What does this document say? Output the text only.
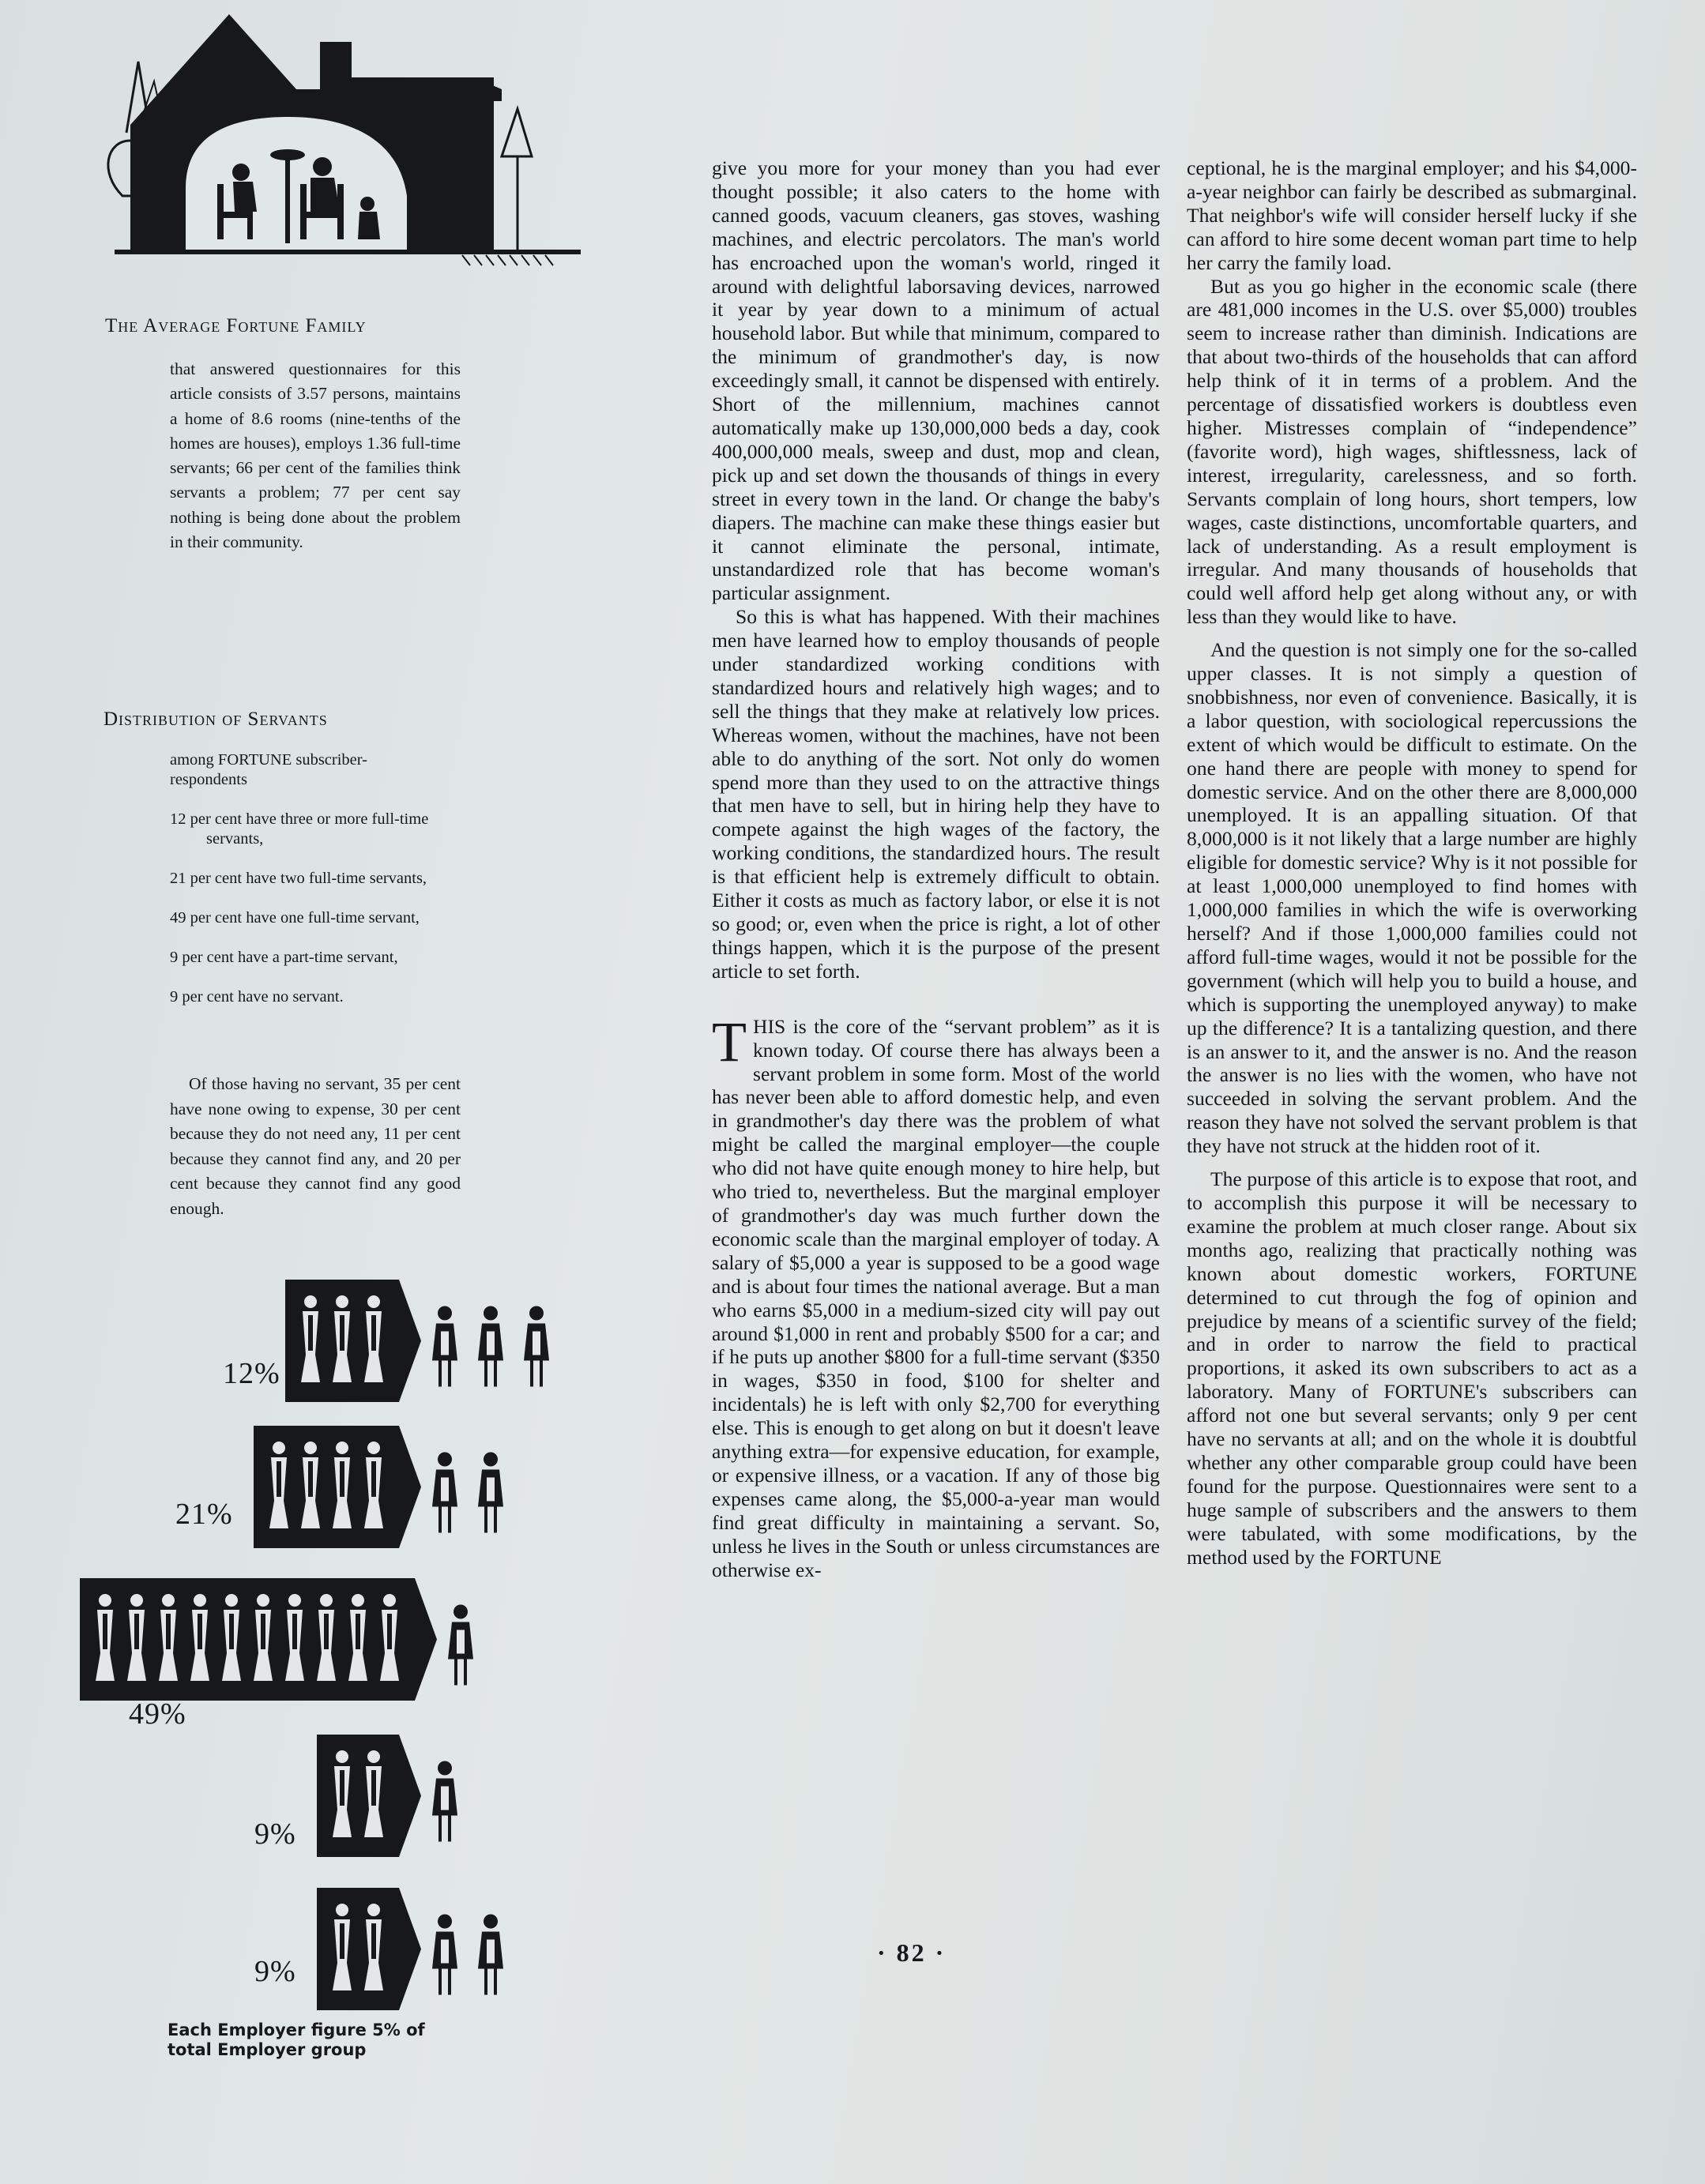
The Average Fortune Family
that answered questionnaires for this article consists of 3.57 persons, maintains a home of 8.6 rooms (nine-tenths of the homes are houses), employs 1.36 full-time servants; 66 per cent of the families think servants a problem; 77 per cent say nothing is being done about the problem in their community.
Distribution of Servants

among FORTUNE subscriber-respondents

12 per cent have three or more full-time servants,

21 per cent have two full-time servants,

49 per cent have one full-time servant,

9 per cent have a part-time servant,

9 per cent have no servant.

Of those having no servant, 35 per cent have none owing to expense, 30 per cent because they do not need any, 11 per cent because they cannot find any, and 20 per cent because they cannot find any good enough.
12%
21%
49%
9%
9%
Each Employer figure 5% of total Employer group

give you more for your money than you had ever thought possible; it also caters to the home with canned goods, vacuum cleaners, gas stoves, washing machines, and electric percolators. The man's world has encroached upon the woman's world, ringed it around with delightful laborsaving devices, narrowed it year by year down to a minimum of actual household labor. But while that minimum, compared to the minimum of grandmother's day, is now exceedingly small, it cannot be dispensed with entirely. Short of the millennium, machines cannot automatically make up 130,000,000 beds a day, cook 400,000,000 meals, sweep and dust, mop and clean, pick up and set down the thousands of things in every street in every town in the land. Or change the baby's diapers. The machine can make these things easier but it cannot eliminate the personal, intimate, unstandardized role that has become woman's particular assignment.

So this is what has happened. With their machines men have learned how to employ thousands of people under standardized working conditions with standardized hours and relatively high wages; and to sell the things that they make at relatively low prices. Whereas women, without the machines, have not been able to do anything of the sort. Not only do women spend more than they used to on the attractive things that men have to sell, but in hiring help they have to compete against the high wages of the factory, the working conditions, the standardized hours. The result is that efficient help is extremely difficult to obtain. Either it costs as much as factory labor, or else it is not so good; or, even when the price is right, a lot of other things happen, which it is the purpose of the present article to set forth.

THIS is the core of the “servant problem” as it is known today. Of course there has always been a servant problem in some form. Most of the world has never been able to afford domestic help, and even in grandmother's day there was the problem of what might be called the marginal employer—the couple who did not have quite enough money to hire help, but who tried to, nevertheless. But the marginal employer of grandmother's day was much further down the economic scale than the marginal employer of today. A salary of $5,000 a year is supposed to be a good wage and is about four times the national average. But a man who earns $5,000 in a medium-sized city will pay out around $1,000 in rent and probably $500 for a car; and if he puts up another $800 for a full-time servant ($350 in wages, $350 in food, $100 for shelter and incidentals) he is left with only $2,700 for everything else. This is enough to get along on but it doesn't leave anything extra—for expensive education, for example, or expensive illness, or a vacation. If any of those big expenses came along, the $5,000-a-year man would find great difficulty in maintaining a servant. So, unless he lives in the South or unless circumstances are otherwise ex-

ceptional, he is the marginal employer; and his $4,000-a-year neighbor can fairly be described as submarginal. That neighbor's wife will consider herself lucky if she can afford to hire some decent woman part time to help her carry the family load.

But as you go higher in the economic scale (there are 481,000 incomes in the U.S. over $5,000) troubles seem to increase rather than diminish. Indications are that about two-thirds of the households that can afford help think of it in terms of a problem. And the percentage of dissatisfied workers is doubtless even higher. Mistresses complain of “independence” (favorite word), high wages, shiftlessness, lack of interest, irregularity, carelessness, and so forth. Servants complain of long hours, short tempers, low wages, caste distinctions, uncomfortable quarters, and lack of understanding. As a result employment is irregular. And many thousands of households that could well afford help get along without any, or with less than they would like to have.

And the question is not simply one for the so-called upper classes. It is not simply a question of snobbishness, nor even of convenience. Basically, it is a labor question, with sociological repercussions the extent of which would be difficult to estimate. On the one hand there are people with money to spend for domestic service. And on the other there are 8,000,000 unemployed. It is an appalling situation. Of that 8,000,000 is it not likely that a large number are highly eligible for domestic service? Why is it not possible for at least 1,000,000 unemployed to find homes with 1,000,000 families in which the wife is overworking herself? And if those 1,000,000 families could not afford full-time wages, would it not be possible for the government (which will help you to build a house, and which is supporting the unemployed anyway) to make up the difference? It is a tantalizing question, and there is an answer to it, and the answer is no. And the reason the answer is no lies with the women, who have not succeeded in solving the servant problem. And the reason they have not solved the servant problem is that they have not struck at the hidden root of it.

The purpose of this article is to expose that root, and to accomplish this purpose it will be necessary to examine the problem at much closer range. About six months ago, realizing that practically nothing was known about domestic workers, FORTUNE determined to cut through the fog of opinion and prejudice by means of a scientific survey of the field; and in order to narrow the field to practical proportions, it asked its own subscribers to act as a laboratory. Many of FORTUNE's subscribers can afford not one but several servants; only 9 per cent have no servants at all; and on the whole it is doubtful whether any other comparable group could have been found for the purpose. Questionnaires were sent to a huge sample of subscribers and the answers to them were tabulated, with some modifications, by the method used by the FORTUNE

· 82 ·
